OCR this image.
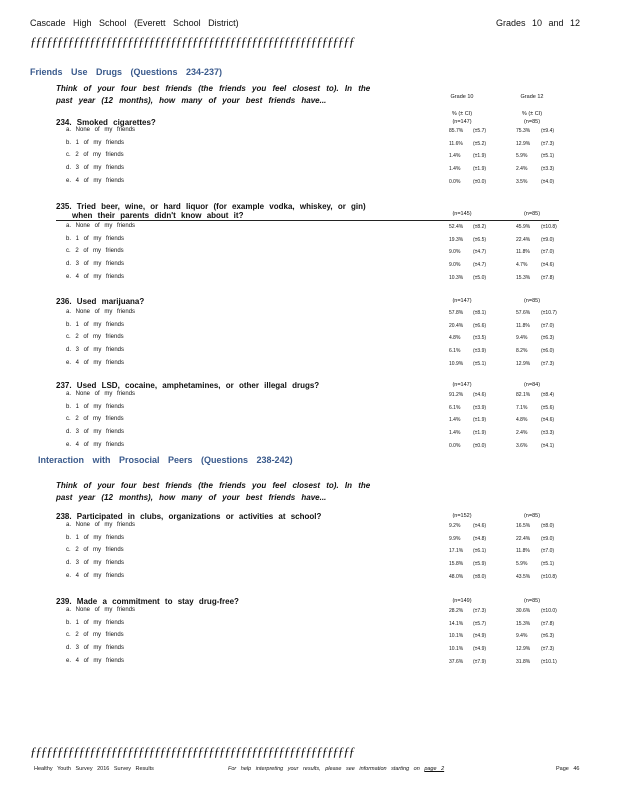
Cascade High School (Everett School District)	Grades 10 and 12
ƒƒƒƒƒƒƒƒƒƒƒƒƒƒƒƒƒƒƒƒƒƒƒƒƒƒƒƒƒƒƒƒƒƒƒƒƒƒƒƒƒƒƒƒƒƒƒƒƒƒƒƒƒƒƒƒƒƒƒƒ
Friends Use Drugs (Questions 234-237)
Think of your four best friends (the friends you feel closest to). In the
past year (12 months), how many of your best friends have...	Grade 10	Grade 12
% (± CI)	% (± CI)
Interaction with Prosocial Peers (Questions 238-242)
Think of your four best friends (the friends you feel closest to). In the
past year (12 months), how many of your best friends have...
234. Smoked cigarettes?	(n=147)	(n=85)
a. None of my friends	85.7% (±5.7)	75.3% (±9.4)
b. 1 of my friends	11.6% (±5.2)	12.9% (±7.3)
c. 2 of my friends	1.4%	(±1.9)	5.9%	(±5.1)
d. 3 of my friends	1.4%	(±1.9)	2.4%	(±3.3)
e. 4 of my friends	0.0%	(±0.0)	3.5%	(±4.0)
235. Tried beer, wine, or hard liquor (for example vodka, whiskey, or gin)
when their parents didn't know about it?	(n=145)	(n=85)
a. None of my friends	52.4% (±8.2)	45.9% (±10.8)
b. 1 of my friends	19.3% (±6.5)	22.4% (±9.0)
c. 2 of my friends	9.0%	(±4.7)	11.8% (±7.0)
d. 3 of my friends	9.0%	(±4.7)	4.7%	(±4.6)
e. 4 of my friends	10.3% (±5.0)	15.3% (±7.8)
236. Used marijuana?	(n=147)	(n=85)
a. None of my friends	57.8% (±8.1)	57.6% (±10.7)
b. 1 of my friends	20.4% (±6.6)	11.8% (±7.0)
c. 2 of my friends	4.8%	(±3.5)	9.4%	(±6.3)
d. 3 of my friends	6.1%	(±3.9)	8.2%	(±6.0)
e. 4 of my friends	10.9% (±5.1)	12.9% (±7.3)
237. Used LSD, cocaine, amphetamines, or other illegal drugs?	(n=147)	(n=84)
a. None of my friends	91.2% (±4.6)	82.1% (±8.4)
b. 1 of my friends	6.1%	(±3.9)	7.1%	(±5.6)
c. 2 of my friends	1.4%	(±1.9)	4.8%	(±4.6)
d. 3 of my friends	1.4%	(±1.9)	2.4%	(±3.3)
e. 4 of my friends	0.0%	(±0.0)	3.6%	(±4.1)
238. Participated in clubs, organizations or activities at school?	(n=152)	(n=85)
a. None of my friends	9.2%	(±4.6)	16.5% (±8.0)
b. 1 of my friends	9.9%	(±4.8)	22.4% (±9.0)
c. 2 of my friends	17.1% (±6.1)	11.8% (±7.0)
d. 3 of my friends	15.8% (±5.9)	5.9%	(±5.1)
e. 4 of my friends	48.0% (±8.0)	43.5% (±10.8)
239. Made a commitment to stay drug-free?	(n=149)	(n=85)
a. None of my friends	28.2% (±7.3)	30.6% (±10.0)
b. 1 of my friends	14.1% (±5.7)	15.3% (±7.8)
c. 2 of my friends	10.1% (±4.9)	9.4%	(±6.3)
d. 3 of my friends	10.1% (±4.9)	12.9% (±7.3)
e. 4 of my friends	37.6% (±7.9)	31.8% (±10.1)
ƒƒƒƒƒƒƒƒƒƒƒƒƒƒƒƒƒƒƒƒƒƒƒƒƒƒƒƒƒƒƒƒƒƒƒƒƒƒƒƒƒƒƒƒƒƒƒƒƒƒƒƒƒƒƒƒƒƒƒƒ
Healthy Youth Survey 2016 Survey Results	For help interpreting your results, please see information starting on page 2	Page 46
